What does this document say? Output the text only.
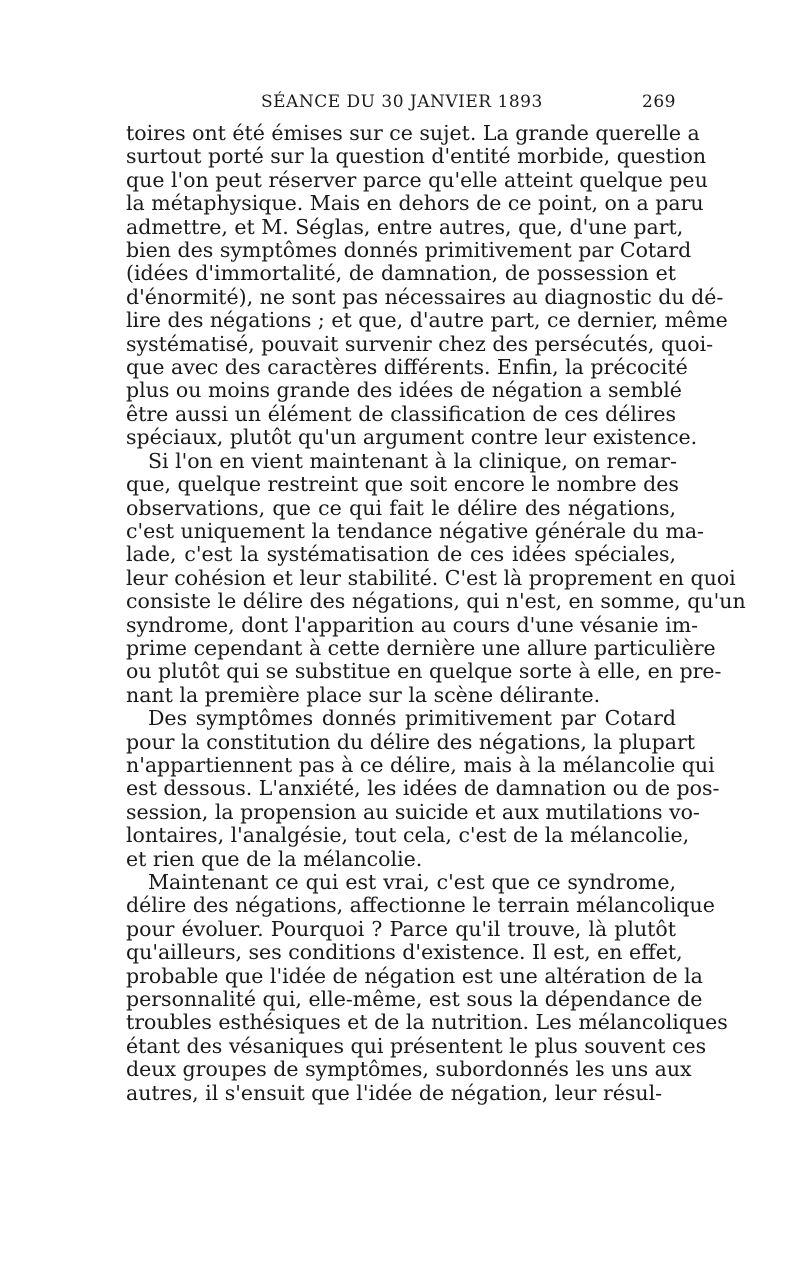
SÉANCE DU 30 JANVIER 1893	269
toires ont été émises sur ce sujet. La grande querelle a
surtout porté sur la question d'entité morbide, question
que l'on peut réserver parce qu'elle atteint quelque peu
la métaphysique. Mais en dehors de ce point, on a paru
admettre, et M. Séglas, entre autres, que, d'une part,
bien des symptômes donnés primitivement par Cotard
(idées d'immortalité, de damnation, de possession et
d'énormité), ne sont pas nécessaires au diagnostic du dé-
lire des négations ; et que, d'autre part, ce dernier, même
systématisé, pouvait survenir chez des persécutés, quoi-
que avec des caractères différents. Enfin, la précocité
plus ou moins grande des idées de négation a semblé
être aussi un élément de classification de ces délires
spéciaux, plutôt qu'un argument contre leur existence.
Si l'on en vient maintenant à la clinique, on remar-
que, quelque restreint que soit encore le nombre des
observations, que ce qui fait le délire des négations,
c'est uniquement la tendance négative générale du ma-
lade, c'est la systématisation de ces idées spéciales,
leur cohésion et leur stabilité. C'est là proprement en quoi
consiste le délire des négations, qui n'est, en somme, qu'un
syndrome, dont l'apparition au cours d'une vésanie im-
prime cependant à cette dernière une allure particulière
ou plutôt qui se substitue en quelque sorte à elle, en pre-
nant la première place sur la scène délirante.
Des symptômes donnés primitivement par Cotard
pour la constitution du délire des négations, la plupart
n'appartiennent pas à ce délire, mais à la mélancolie qui
est dessous. L'anxiété, les idées de damnation ou de pos-
session, la propension au suicide et aux mutilations vo-
lontaires, l'analgésie, tout cela, c'est de la mélancolie,
et rien que de la mélancolie.
Maintenant ce qui est vrai, c'est que ce syndrome,
délire des négations, affectionne le terrain mélancolique
pour évoluer. Pourquoi ? Parce qu'il trouve, là plutôt
qu'ailleurs, ses conditions d'existence. Il est, en effet,
probable que l'idée de négation est une altération de la
personnalité qui, elle-même, est sous la dépendance de
troubles esthésiques et de la nutrition. Les mélancoliques
étant des vésaniques qui présentent le plus souvent ces
deux groupes de symptômes, subordonnés les uns aux
autres, il s'ensuit que l'idée de négation, leur résul-
